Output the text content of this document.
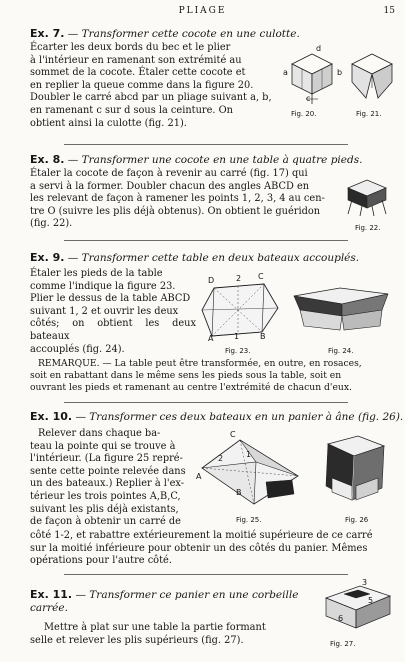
PLIAGE	15
Ex. 7. — Transformer cette cocote en une culotte.
Écarter les deux bords du bec et le plier
à l'intérieur en ramenant son extrémité au
sommet de la cocote. Étaler cette cocote et
en replier la queue comme dans la figure 20.
Doubler le carré abcd par un pliage suivant a, b,
en ramenant c sur d sous la ceinture. On
obtient ainsi la culotte (fig. 21).
d
a	b
c
Fig. 20.	Fig. 21.
Ex. 8. — Transformer une cocote en une table à quatre pieds.
Étaler la cocote de façon à revenir au carré (fig. 17) qui
a servi à la former. Doubler chacun des angles ABCD en
les relevant de façon à ramener les points 1, 2, 3, 4 au cen-
tre O (suivre les plis déjà obtenus). On obtient le guéridon
(fig. 22).	Fig. 22.
Ex. 9. — Transformer cette table en deux bateaux accouplés.
Étaler les pieds de la table
comme l'indique la figure 23.
Plier le dessus de la table ABCD
suivant 1, 2 et ouvrir les deux
côtés; on obtient les deux bateaux
accouplés (fig. 24).
D	C
2
1
A	B
Fig. 23.	Fig. 24.
REMARQUE. — La table peut être transformée, en outre, en rosaces,
soit en rabattant dans le même sens les pieds sous la table, soit en
ouvrant les pieds et ramenant au centre l'extrémité de chacun d'eux.
Ex. 10. — Transformer ces deux bateaux en un panier à âne (fig. 26).
Relever dans chaque ba-
teau la pointe qui se trouve à
l'intérieur. (La figure 25 repré-
sente cette pointe relevée dans
un des bateaux.) Replier à l'ex-
térieur les trois pointes A,B,C,
suivant les plis déjà existants,
de façon à obtenir un carré de
côté 1-2, et rabattre extérieurement la moitié supérieure de ce carré
sur la moitié inférieure pour obtenir un des côtés du panier. Mêmes
opérations pour l'autre côté.
C
A
B
1
2
Fig. 25.	Fig. 26
Ex. 11. — Transformer ce panier en une corbeille
carrée.
Mettre à plat sur une table la partie formant
selle et relever les plis supérieurs (fig. 27).
3
5
6
Fig. 27.
